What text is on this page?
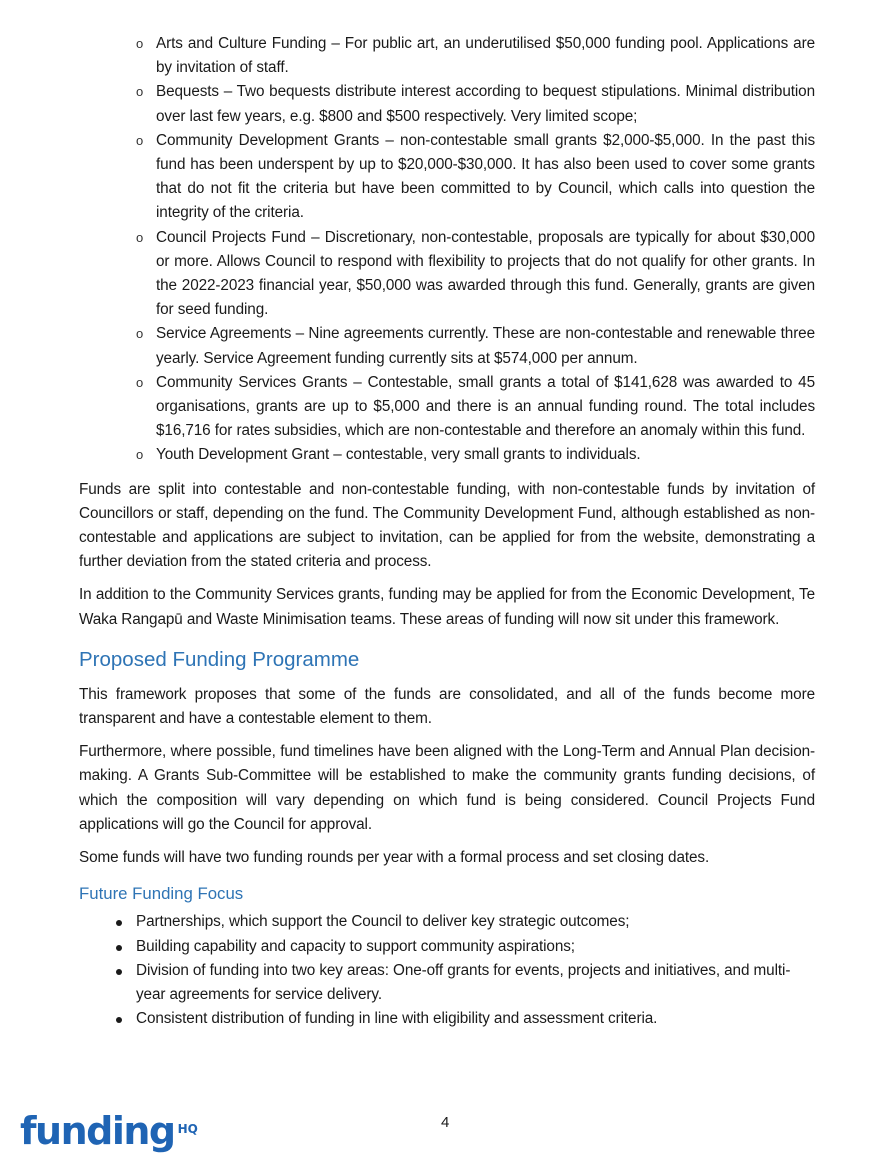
o Arts and Culture Funding – For public art, an underutilised $50,000 funding pool. Applications are by invitation of staff.
o Bequests – Two bequests distribute interest according to bequest stipulations. Minimal distribution over last few years, e.g. $800 and $500 respectively. Very limited scope;
o Community Development Grants – non-contestable small grants $2,000-$5,000. In the past this fund has been underspent by up to $20,000-$30,000. It has also been used to cover some grants that do not fit the criteria but have been committed to by Council, which calls into question the integrity of the criteria.
o Council Projects Fund – Discretionary, non-contestable, proposals are typically for about $30,000 or more. Allows Council to respond with flexibility to projects that do not qualify for other grants. In the 2022-2023 financial year, $50,000 was awarded through this fund. Generally, grants are given for seed funding.
o Service Agreements – Nine agreements currently. These are non-contestable and renewable three yearly. Service Agreement funding currently sits at $574,000 per annum.
o Community Services Grants – Contestable, small grants a total of $141,628 was awarded to 45 organisations, grants are up to $5,000 and there is an annual funding round. The total includes $16,716 for rates subsidies, which are non-contestable and therefore an anomaly within this fund.
o Youth Development Grant – contestable, very small grants to individuals.

Funds are split into contestable and non-contestable funding, with non-contestable funds by invitation of Councillors or staff, depending on the fund. The Community Development Fund, although established as non-contestable and applications are subject to invitation, can be applied for from the website, demonstrating a further deviation from the stated criteria and process.

In addition to the Community Services grants, funding may be applied for from the Economic Development, Te Waka Rangapū and Waste Minimisation teams. These areas of funding will now sit under this framework.

Proposed Funding Programme

This framework proposes that some of the funds are consolidated, and all of the funds become more transparent and have a contestable element to them.

Furthermore, where possible, fund timelines have been aligned with the Long-Term and Annual Plan decision-making. A Grants Sub-Committee will be established to make the community grants funding decisions, of which the composition will vary depending on which fund is being considered. Council Projects Fund applications will go the Council for approval.

Some funds will have two funding rounds per year with a formal process and set closing dates.

Future Funding Focus
Partnerships, which support the Council to deliver key strategic outcomes;
Building capability and capacity to support community aspirations;
Division of funding into two key areas: One-off grants for events, projects and initiatives, and multi-year agreements for service delivery.
Consistent distribution of funding in line with eligibility and assessment criteria.
funding HQ	4
